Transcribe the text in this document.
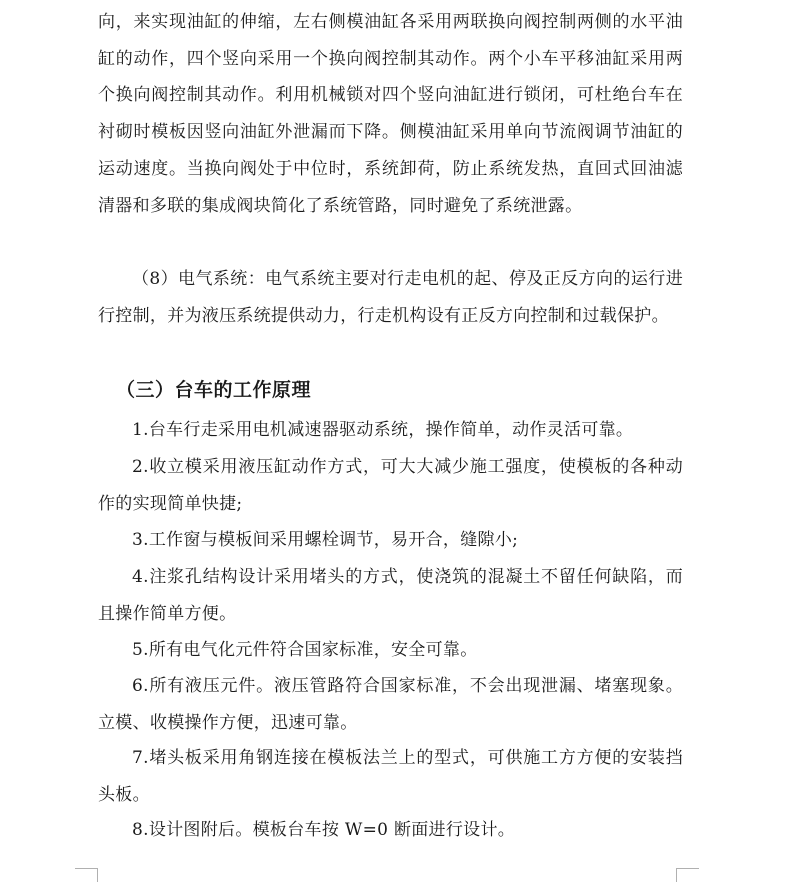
向，来实现油缸的伸缩，左右侧模油缸各采用两联换向阀控制两侧的水平油缸的动作，四个竖向采用一个换向阀控制其动作。两个小车平移油缸采用两个换向阀控制其动作。利用机械锁对四个竖向油缸进行锁闭，可杜绝台车在衬砌时模板因竖向油缸外泄漏而下降。侧模油缸采用单向节流阀调节油缸的运动速度。当换向阀处于中位时，系统卸荷，防止系统发热，直回式回油滤清器和多联的集成阀块简化了系统管路，同时避免了系统泄露。

（8）电气系统：电气系统主要对行走电机的起、停及正反方向的运行进行控制，并为液压系统提供动力，行走机构设有正反方向控制和过载保护。

（三）台车的工作原理

1.台车行走采用电机减速器驱动系统，操作简单，动作灵活可靠。

2.收立模采用液压缸动作方式，可大大减少施工强度，使模板的各种动作的实现简单快捷;

3.工作窗与模板间采用螺栓调节，易开合，缝隙小;

4.注浆孔结构设计采用堵头的方式，使浇筑的混凝土不留任何缺陷，而且操作简单方便。

5.所有电气化元件符合国家标准，安全可靠。

6.所有液压元件。液压管路符合国家标准，不会出现泄漏、堵塞现象。立模、收模操作方便，迅速可靠。

7.堵头板采用角钢连接在模板法兰上的型式，可供施工方方便的安装挡头板。

8.设计图附后。模板台车按 W=0 断面进行设计。
